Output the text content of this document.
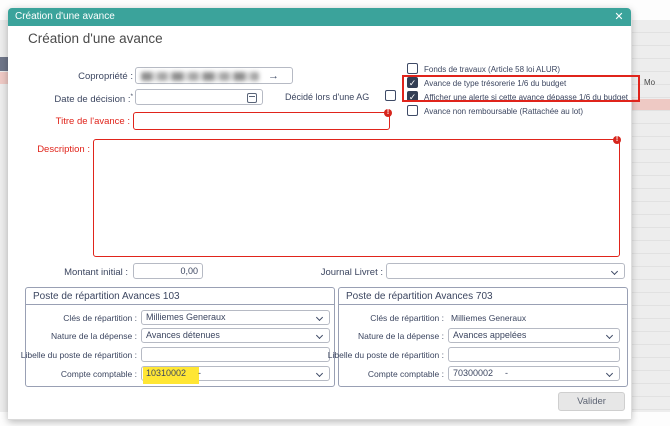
Mo
Création d'une avance	✕
Création d'une avance
Copropriété :	→
Date de décision :*	Décidé lors d'une AG
Titre de l'avance :
!
Description :
!
Fonds de travaux (Article 58 loi ALUR)
✓
Avance de type trésorerie 1/6 du budget
✓
Afficher une alerte si cette avance dépasse 1/6 du budget
Avance non remboursable (Rattachée au lot)
Montant initial :
0,00	Journal Livret :
Poste de répartition Avances 103
Clés de répartition :	Milliemes Generaux
Nature de la dépense :	Avances détenues
Libelle du poste de répartition :
Compte comptable :	10310002 -
Poste de répartition Avances 703
Clés de répartition : Milliemes Generaux
Nature de la dépense :	Avances appelées
Libelle du poste de répartition :
Compte comptable :	70300002 -
Valider
